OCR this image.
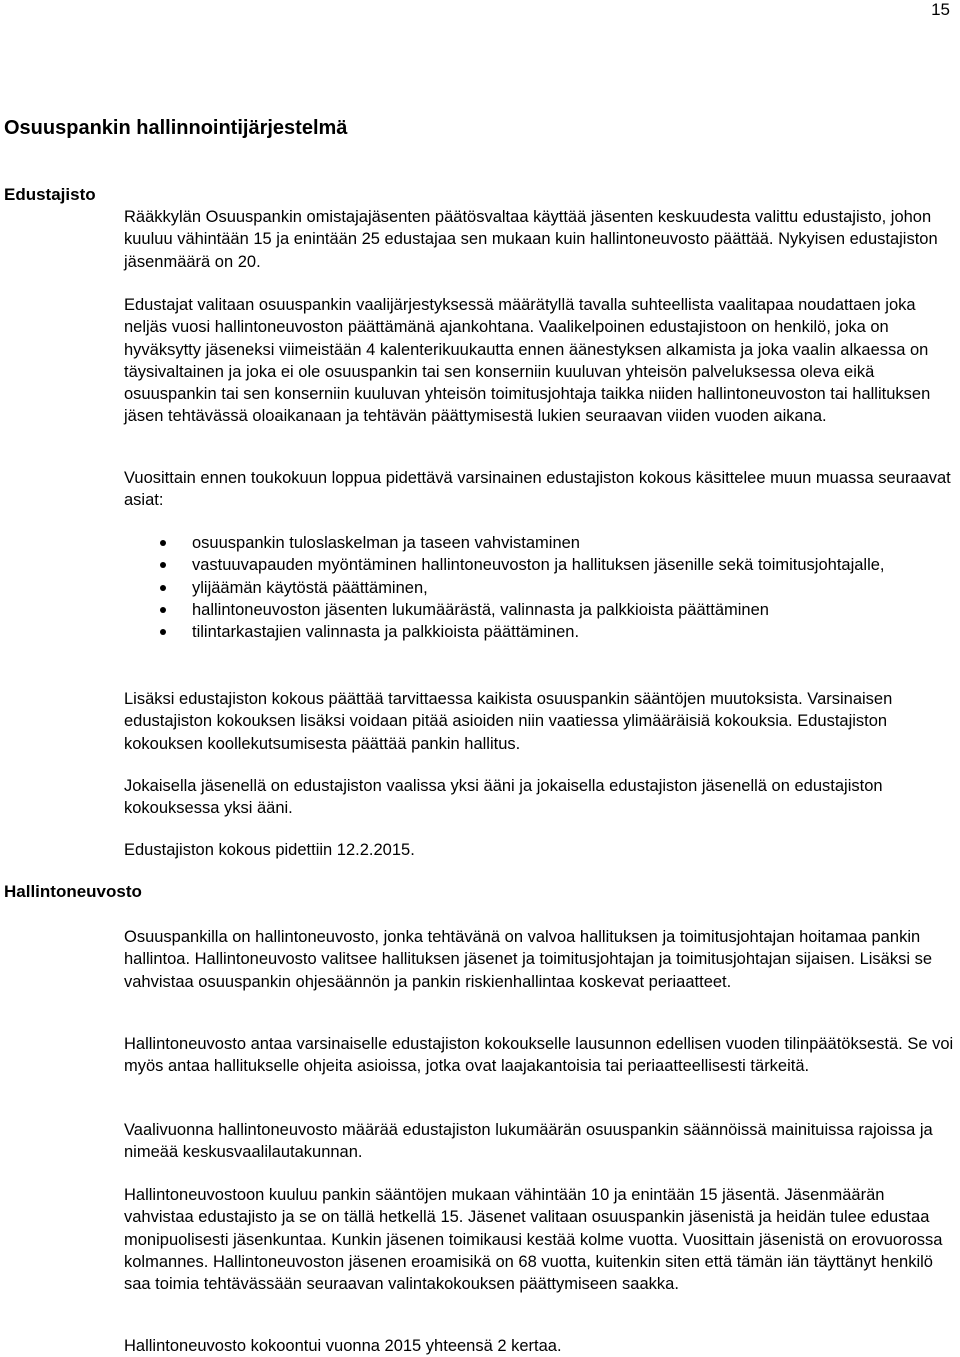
15
Osuuspankin hallinnointijärjestelmä
Edustajisto

Rääkkylän Osuuspankin omistajajäsenten päätösvaltaa käyttää jäsenten keskuudesta valittu edustajisto, johon kuuluu vähintään 15 ja enintään 25 edustajaa sen mukaan kuin hallintoneuvosto päättää. Nykyisen edustajiston jäsenmäärä on 20.

Edustajat valitaan osuuspankin vaalijärjestyksessä määrätyllä tavalla suhteellista vaalitapaa noudattaen joka neljäs vuosi hallintoneuvoston päättämänä ajankohtana. Vaalikelpoinen edustajistoon on henkilö, joka on hyväksytty jäseneksi viimeistään 4 kalenterikuukautta ennen äänestyksen alkamista ja joka vaalin alkaessa on täysivaltainen ja joka ei ole osuuspankin tai sen konserniin kuuluvan yhteisön palveluksessa oleva eikä osuuspankin tai sen konserniin kuuluvan yhteisön toimitusjohtaja taikka niiden hallintoneuvoston tai hallituksen jäsen tehtävässä oloaikanaan ja tehtävän päättymisestä lukien seuraavan viiden vuoden aikana.

Vuosittain ennen toukokuun loppua pidettävä varsinainen edustajiston kokous käsittelee muun muassa seuraavat asiat:

osuuspankin tuloslaskelman ja taseen vahvistaminen
vastuuvapauden myöntäminen hallintoneuvoston ja hallituksen jäsenille sekä toimitusjohtajalle,
ylijäämän käytöstä päättäminen,
hallintoneuvoston jäsenten lukumäärästä, valinnasta ja palkkioista päättäminen
tilintarkastajien valinnasta ja palkkioista päättäminen.

Lisäksi edustajiston kokous päättää tarvittaessa kaikista osuuspankin sääntöjen muutoksista. Varsinaisen edustajiston kokouksen lisäksi voidaan pitää asioiden niin vaatiessa ylimääräisiä kokouksia. Edustajiston kokouksen koollekutsumisesta päättää pankin hallitus.

Jokaisella jäsenellä on edustajiston vaalissa yksi ääni ja jokaisella edustajiston jäsenellä on edustajiston kokouksessa yksi ääni.

Edustajiston kokous pidettiin 12.2.2015.

Hallintoneuvosto

Osuuspankilla on hallintoneuvosto, jonka tehtävänä on valvoa hallituksen ja toimitusjohtajan hoitamaa pankin hallintoa. Hallintoneuvosto valitsee hallituksen jäsenet ja toimitusjohtajan ja toimitusjohtajan sijaisen. Lisäksi se vahvistaa osuuspankin ohjesäännön ja pankin riskienhallintaa koskevat periaatteet.

Hallintoneuvosto antaa varsinaiselle edustajiston kokoukselle lausunnon edellisen vuoden tilinpäätöksestä. Se voi myös antaa hallitukselle ohjeita asioissa, jotka ovat laajakantoisia tai periaatteellisesti tärkeitä.

Vaalivuonna hallintoneuvosto määrää edustajiston lukumäärän osuuspankin säännöissä mainituissa rajoissa ja nimeää keskusvaalilautakunnan.

Hallintoneuvostoon kuuluu pankin sääntöjen mukaan vähintään 10 ja enintään 15 jäsentä. Jäsenmäärän vahvistaa edustajisto ja se on tällä hetkellä 15. Jäsenet valitaan osuuspankin jäsenistä ja heidän tulee edustaa monipuolisesti jäsenkuntaa. Kunkin jäsenen toimikausi kestää kolme vuotta. Vuosittain jäsenistä on erovuorossa kolmannes. Hallintoneuvoston jäsenen eroamisikä on 68 vuotta, kuitenkin siten että tämän iän täyttänyt henkilö saa toimia tehtävässään seuraavan valintakokouksen päättymiseen saakka.

Hallintoneuvosto kokoontui vuonna 2015 yhteensä 2 kertaa.
